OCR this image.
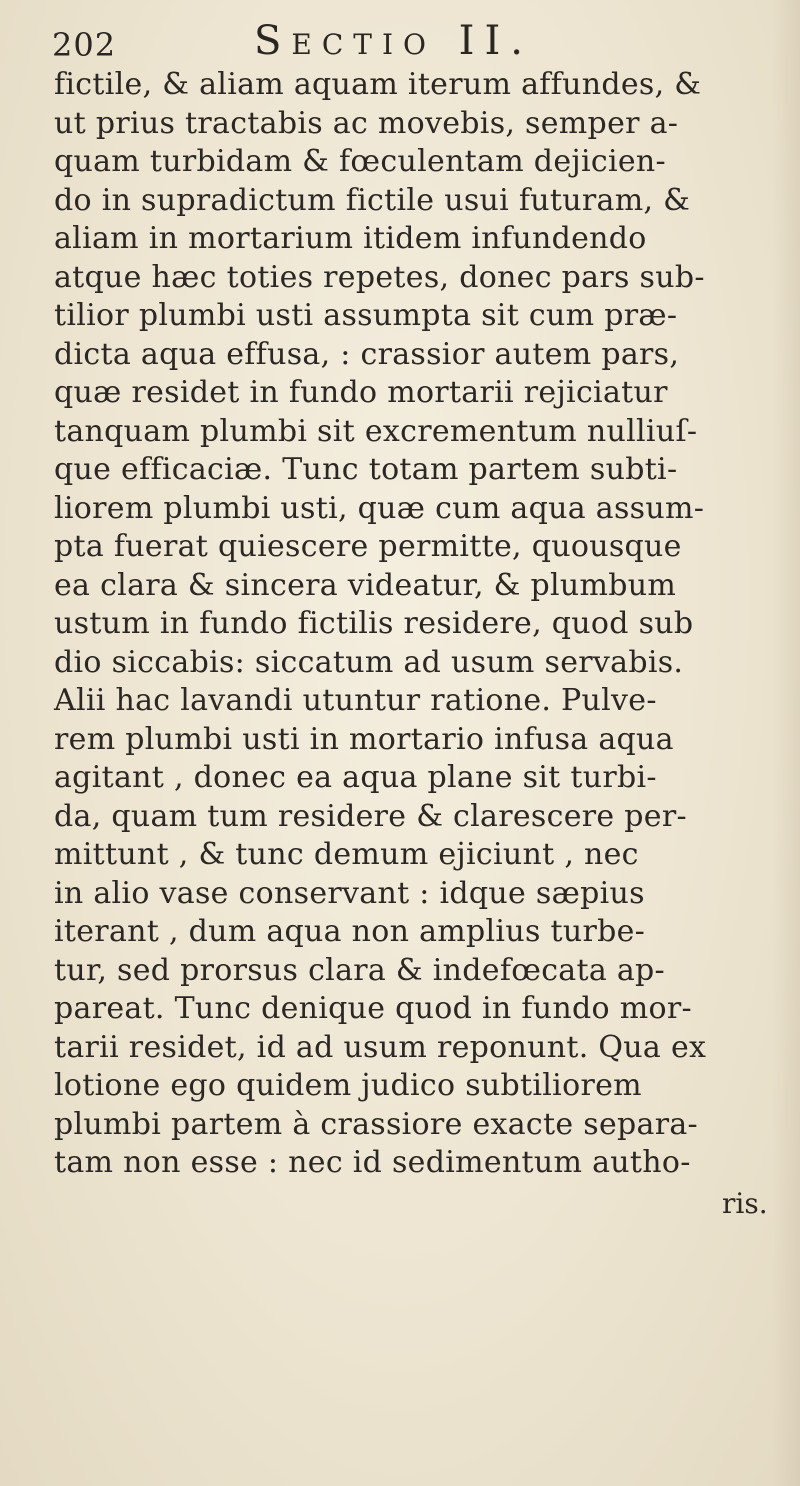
202	Sectio II.
fictile, & aliam aquam iterum affundes, &
ut prius tractabis ac movebis, semper a-
quam turbidam & fœculentam dejicien-
do in supradictum fictile usui futuram, &
aliam in mortarium itidem infundendo
atque hæc toties repetes, donec pars sub-
tilior plumbi usti assumpta sit cum præ-
dicta aqua effusa, : crassior autem pars,
quæ residet in fundo mortarii rejiciatur
tanquam plumbi sit excrementum nulliuſ-
que efficaciæ. Tunc totam partem subti-
liorem plumbi usti, quæ cum aqua assum-
pta fuerat quiescere permitte, quousque
ea clara & sincera videatur, & plumbum
ustum in fundo fictilis residere, quod sub
dio siccabis: siccatum ad usum servabis.
Alii hac lavandi utuntur ratione. Pulve-
rem plumbi usti in mortario infusa aqua
agitant , donec ea aqua plane sit turbi-
da, quam tum residere & clarescere per-
mittunt , & tunc demum ejiciunt , nec
in alio vase conservant : idque sæpius
iterant , dum aqua non amplius turbe-
tur, sed prorsus clara & indefœcata ap-
pareat. Tunc denique quod in fundo mor-
tarii residet, id ad usum reponunt. Qua ex
lotione ego quidem judico subtiliorem
plumbi partem à crassiore exacte separa-
tam non esse : nec id sedimentum autho-
ris.
